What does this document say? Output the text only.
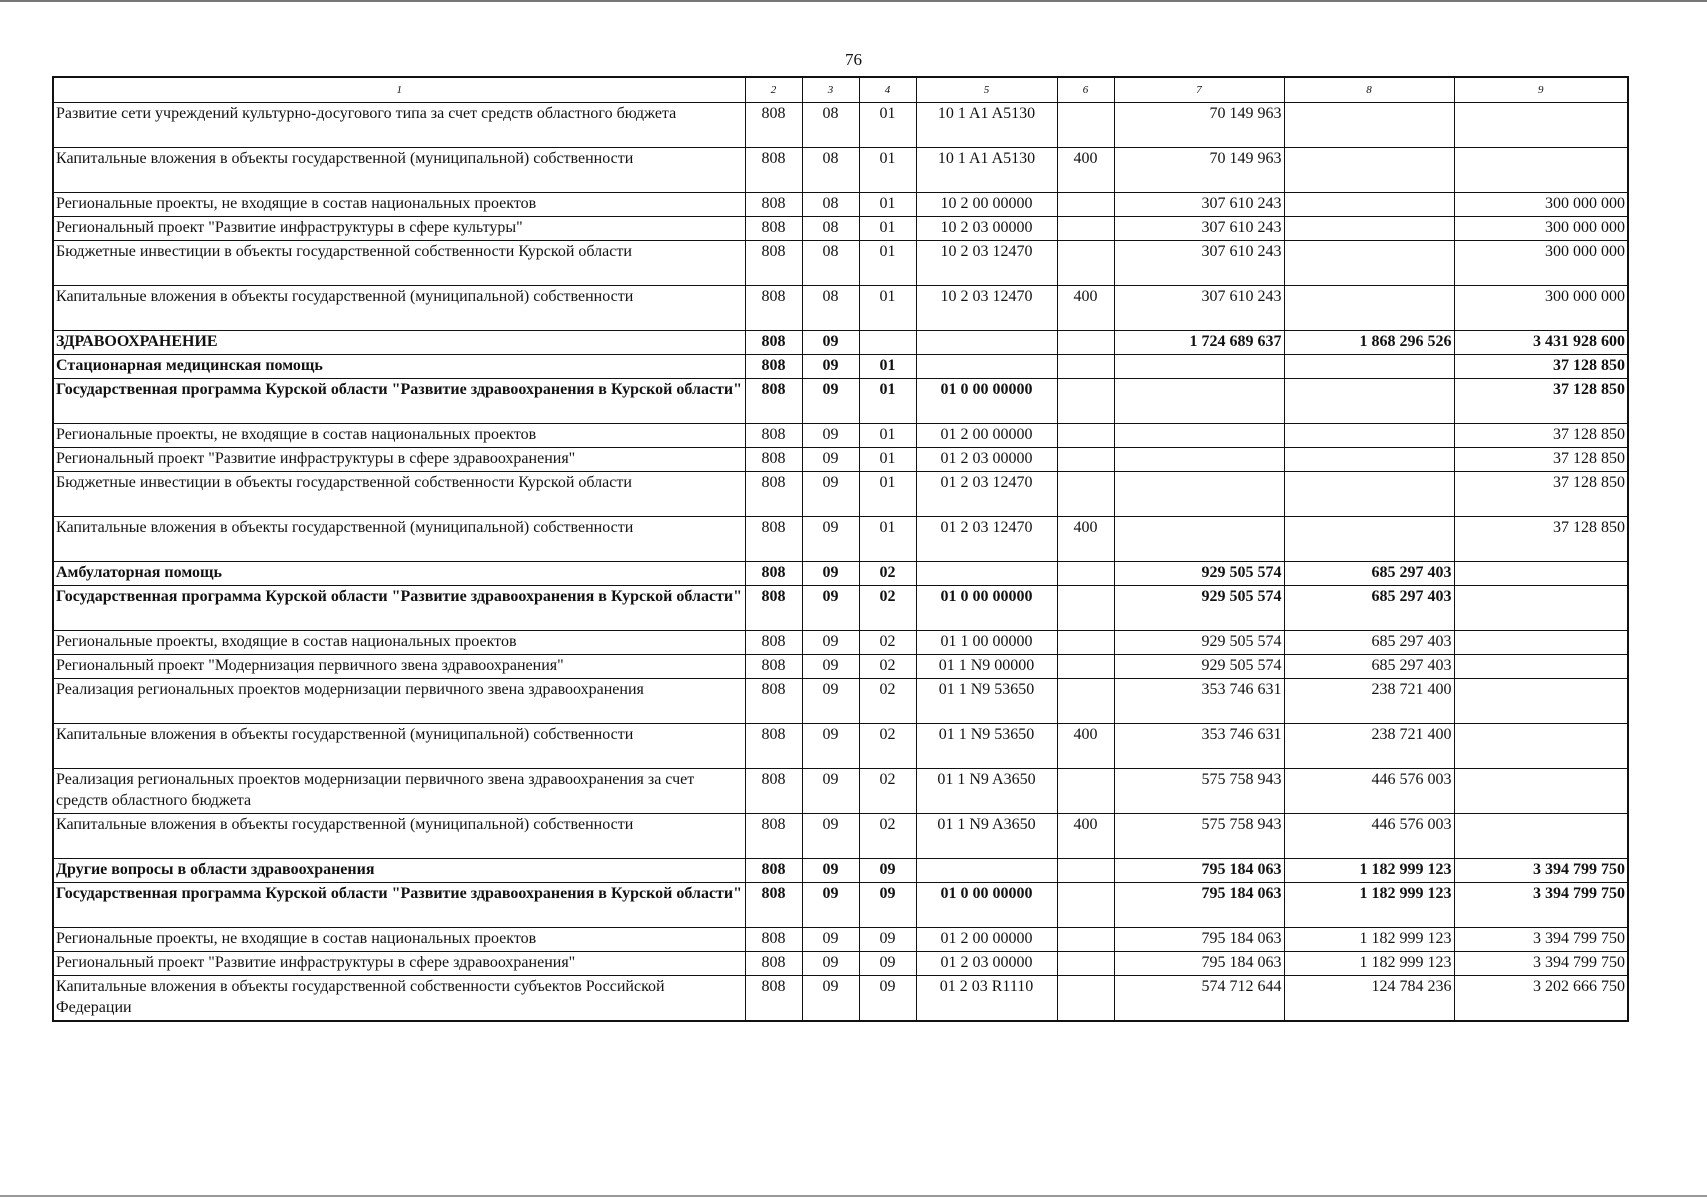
76
1	2	3	4	5	6	7	8	9
Развитие сети учреждений культурно-досугового типа за счет средств областного бюджета	808	08	01	10 1 A1 A5130		70 149 963		
Капитальные вложения в объекты государственной (муниципальной) собственности	808	08	01	10 1 A1 A5130	400	70 149 963		
Региональные проекты, не входящие в состав национальных проектов	808	08	01	10 2 00 00000		307 610 243		300 000 000
Региональный проект "Развитие инфраструктуры в сфере культуры"	808	08	01	10 2 03 00000		307 610 243		300 000 000
Бюджетные инвестиции в объекты государственной собственности Курской области	808	08	01	10 2 03 12470		307 610 243		300 000 000
Капитальные вложения в объекты государственной (муниципальной) собственности	808	08	01	10 2 03 12470	400	307 610 243		300 000 000
ЗДРАВООХРАНЕНИЕ	808	09				1 724 689 637	1 868 296 526	3 431 928 600
Стационарная медицинская помощь	808	09	01					37 128 850
Государственная программа Курской области "Развитие здравоохранения в Курской области"	808	09	01	01 0 00 00000				37 128 850
Региональные проекты, не входящие в состав национальных проектов	808	09	01	01 2 00 00000				37 128 850
Региональный проект "Развитие инфраструктуры в сфере здравоохранения"	808	09	01	01 2 03 00000				37 128 850
Бюджетные инвестиции в объекты государственной собственности Курской области	808	09	01	01 2 03 12470				37 128 850
Капитальные вложения в объекты государственной (муниципальной) собственности	808	09	01	01 2 03 12470	400			37 128 850
Амбулаторная помощь	808	09	02			929 505 574	685 297 403	
Государственная программа Курской области "Развитие здравоохранения в Курской области"	808	09	02	01 0 00 00000		929 505 574	685 297 403	
Региональные проекты, входящие в состав национальных проектов	808	09	02	01 1 00 00000		929 505 574	685 297 403	
Региональный проект "Модернизация первичного звена здравоохранения"	808	09	02	01 1 N9 00000		929 505 574	685 297 403	
Реализация региональных проектов модернизации первичного звена здравоохранения	808	09	02	01 1 N9 53650		353 746 631	238 721 400	
Капитальные вложения в объекты государственной (муниципальной) собственности	808	09	02	01 1 N9 53650	400	353 746 631	238 721 400	
Реализация региональных проектов модернизации первичного звена здравоохранения за счет средств областного бюджета	808	09	02	01 1 N9 A3650		575 758 943	446 576 003	
Капитальные вложения в объекты государственной (муниципальной) собственности	808	09	02	01 1 N9 A3650	400	575 758 943	446 576 003	
Другие вопросы в области здравоохранения	808	09	09			795 184 063	1 182 999 123	3 394 799 750
Государственная программа Курской области "Развитие здравоохранения в Курской области"	808	09	09	01 0 00 00000		795 184 063	1 182 999 123	3 394 799 750
Региональные проекты, не входящие в состав национальных проектов	808	09	09	01 2 00 00000		795 184 063	1 182 999 123	3 394 799 750
Региональный проект "Развитие инфраструктуры в сфере здравоохранения"	808	09	09	01 2 03 00000		795 184 063	1 182 999 123	3 394 799 750
Капитальные вложения в объекты государственной собственности субъектов Российской Федерации	808	09	09	01 2 03 R1110		574 712 644	124 784 236	3 202 666 750
